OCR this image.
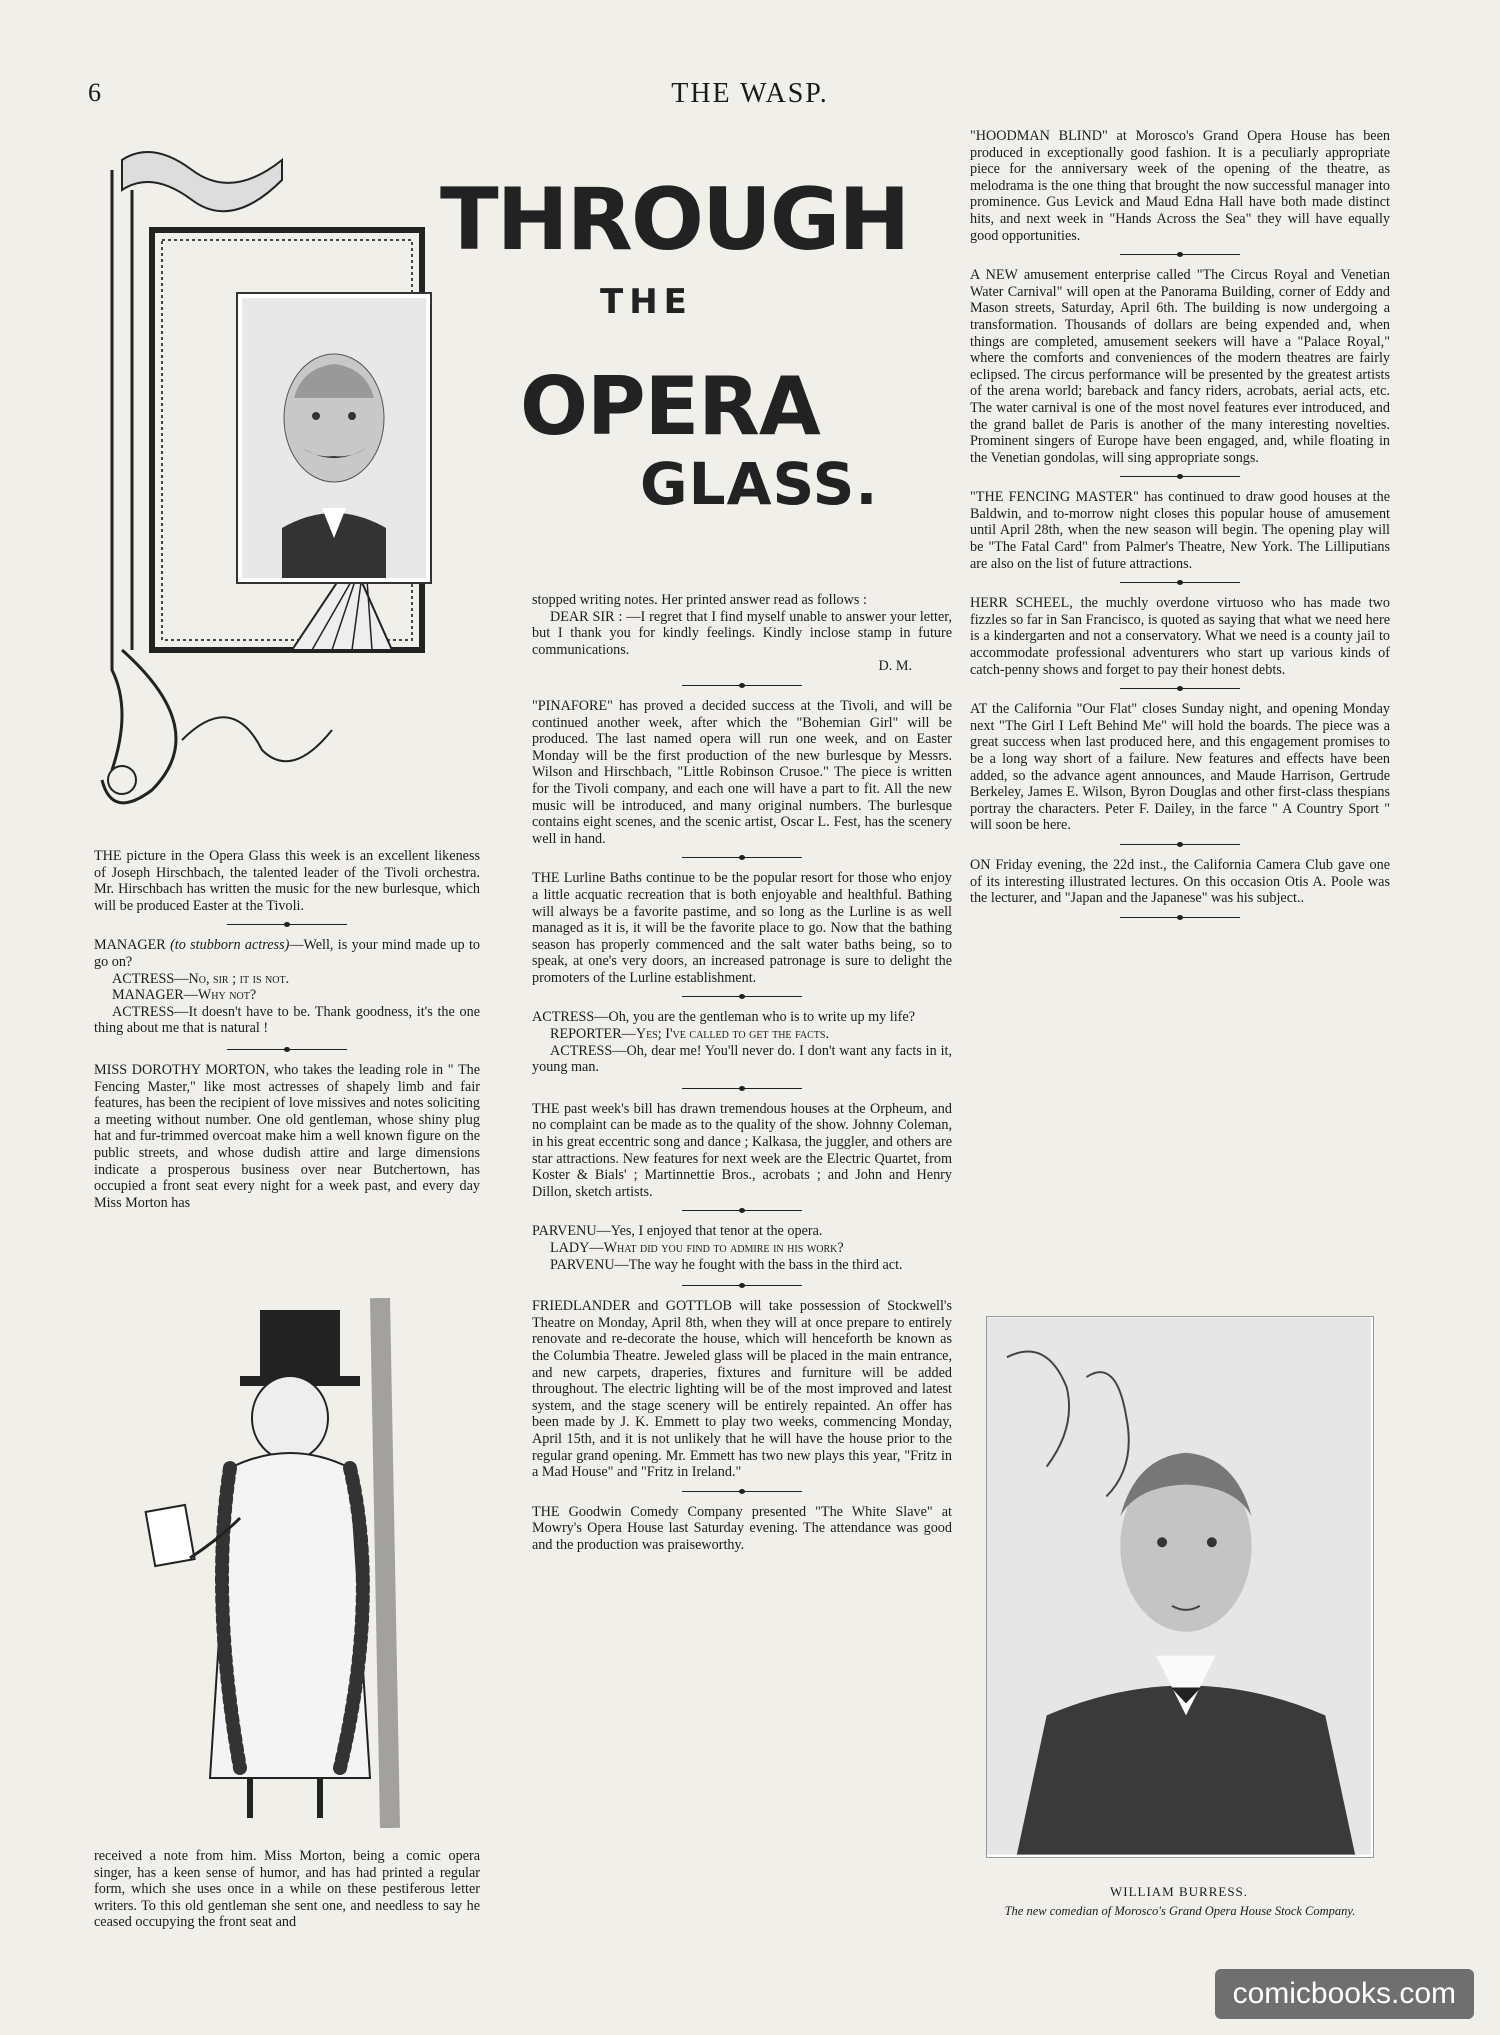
6	THE WASP.
THROUGH
THE
OPERA
GLASS.

THE picture in the Opera Glass this week is an excellent likeness of Joseph Hirschbach, the talented leader of the Tivoli orchestra. Mr. Hirschbach has written the music for the new burlesque, which will be produced Easter at the Tivoli.

MANAGER (to stubborn actress)—Well, is your mind made up to go on?

ACTRESS—No, sir ; it is not.

MANAGER—Why not?

ACTRESS—It doesn't have to be. Thank goodness, it's the one thing about me that is natural !

MISS DOROTHY MORTON, who takes the leading role in " The Fencing Master," like most actresses of shapely limb and fair features, has been the recipient of love missives and notes soliciting a meeting without number. One old gentleman, whose shiny plug hat and fur-trimmed overcoat make him a well known figure on the public streets, and whose dudish attire and large dimensions indicate a prosperous business over near Butchertown, has occupied a front seat every night for a week past, and every day Miss Morton has

received a note from him. Miss Morton, being a comic opera singer, has a keen sense of humor, and has had printed a regular form, which she uses once in a while on these pestiferous letter writers. To this old gentleman she sent one, and needless to say he ceased occupying the front seat and

stopped writing notes. Her printed answer read as follows :

DEAR SIR : —I regret that I find myself unable to answer your letter, but I thank you for kindly feelings. Kindly inclose stamp in future communications.

D. M.

"PINAFORE" has proved a decided success at the Tivoli, and will be continued another week, after which the "Bohemian Girl" will be produced. The last named opera will run one week, and on Easter Monday will be the first production of the new burlesque by Messrs. Wilson and Hirschbach, "Little Robinson Crusoe." The piece is written for the Tivoli company, and each one will have a part to fit. All the new music will be introduced, and many original numbers. The burlesque contains eight scenes, and the scenic artist, Oscar L. Fest, has the scenery well in hand.

THE Lurline Baths continue to be the popular resort for those who enjoy a little acquatic recreation that is both enjoyable and healthful. Bathing will always be a favorite pastime, and so long as the Lurline is as well managed as it is, it will be the favorite place to go. Now that the bathing season has properly commenced and the salt water baths being, so to speak, at one's very doors, an increased patronage is sure to delight the promoters of the Lurline establishment.

ACTRESS—Oh, you are the gentleman who is to write up my life?

REPORTER—Yes; I've called to get the facts.

ACTRESS—Oh, dear me! You'll never do. I don't want any facts in it, young man.

THE past week's bill has drawn tremendous houses at the Orpheum, and no complaint can be made as to the quality of the show. Johnny Coleman, in his great eccentric song and dance ; Kalkasa, the juggler, and others are star attractions. New features for next week are the Electric Quartet, from Koster & Bials' ; Martinnettie Bros., acrobats ; and John and Henry Dillon, sketch artists.

PARVENU—Yes, I enjoyed that tenor at the opera.

LADY—What did you find to admire in his work?

PARVENU—The way he fought with the bass in the third act.

FRIEDLANDER and GOTTLOB will take possession of Stockwell's Theatre on Monday, April 8th, when they will at once prepare to entirely renovate and re-decorate the house, which will henceforth be known as the Columbia Theatre. Jeweled glass will be placed in the main entrance, and new carpets, draperies, fixtures and furniture will be added throughout. The electric lighting will be of the most improved and latest system, and the stage scenery will be entirely repainted. An offer has been made by J. K. Emmett to play two weeks, commencing Monday, April 15th, and it is not unlikely that he will have the house prior to the regular grand opening. Mr. Emmett has two new plays this year, "Fritz in a Mad House" and "Fritz in Ireland."

THE Goodwin Comedy Company presented "The White Slave" at Mowry's Opera House last Saturday evening. The attendance was good and the production was praiseworthy.

"HOODMAN BLIND" at Morosco's Grand Opera House has been produced in exceptionally good fashion. It is a peculiarly appropriate piece for the anniversary week of the opening of the theatre, as melodrama is the one thing that brought the now successful manager into prominence. Gus Levick and Maud Edna Hall have both made distinct hits, and next week in "Hands Across the Sea" they will have equally good opportunities.

A NEW amusement enterprise called "The Circus Royal and Venetian Water Carnival" will open at the Panorama Building, corner of Eddy and Mason streets, Saturday, April 6th. The building is now undergoing a transformation. Thousands of dollars are being expended and, when things are completed, amusement seekers will have a "Palace Royal," where the comforts and conveniences of the modern theatres are fairly eclipsed. The circus performance will be presented by the greatest artists of the arena world; bareback and fancy riders, acrobats, aerial acts, etc. The water carnival is one of the most novel features ever introduced, and the grand ballet de Paris is another of the many interesting novelties. Prominent singers of Europe have been engaged, and, while floating in the Venetian gondolas, will sing appropriate songs.

"THE FENCING MASTER" has continued to draw good houses at the Baldwin, and to-morrow night closes this popular house of amusement until April 28th, when the new season will begin. The opening play will be "The Fatal Card" from Palmer's Theatre, New York. The Lilliputians are also on the list of future attractions.

HERR SCHEEL, the muchly overdone virtuoso who has made two fizzles so far in San Francisco, is quoted as saying that what we need here is a kindergarten and not a conservatory. What we need is a county jail to accommodate professional adventurers who start up various kinds of catch-penny shows and forget to pay their honest debts.

AT the California "Our Flat" closes Sunday night, and opening Monday next "The Girl I Left Behind Me" will hold the boards. The piece was a great success when last produced here, and this engagement promises to be a long way short of a failure. New features and effects have been added, so the advance agent announces, and Maude Harrison, Gertrude Berkeley, James E. Wilson, Byron Douglas and other first-class thespians portray the characters. Peter F. Dailey, in the farce " A Country Sport " will soon be here.

ON Friday evening, the 22d inst., the California Camera Club gave one of its interesting illustrated lectures. On this occasion Otis A. Poole was the lecturer, and "Japan and the Japanese" was his subject..

WILLIAM BURRESS.
The new comedian of Morosco's Grand Opera House Stock Company.
comicbooks.com
